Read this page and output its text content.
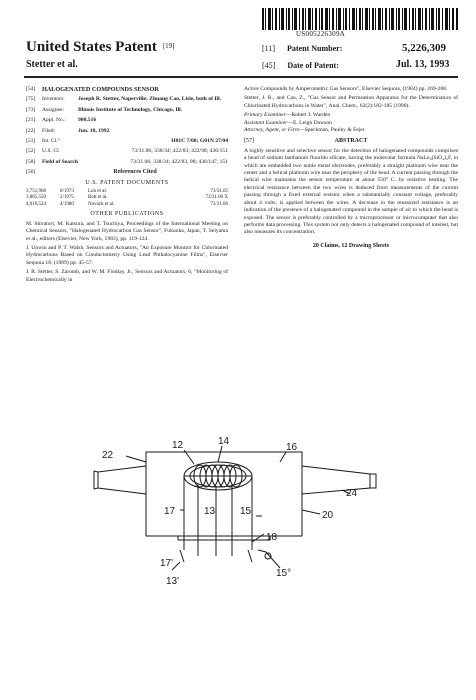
US005226309A
United States Patent [19]
Stetter et al.
[11] Patent Number:	5,226,309
[45] Date of Patent:	Jul. 13, 1993
[54]	HALOGENATED COMPOUNDS SENSOR
[75]	Inventors:	Joseph R. Stetter, Naperville; Zhuang Cao, Lisle, both of Ill.
[73]	Assignee:	Illinois Institute of Technology, Chicago, Ill.
[21]	Appl. No.:	900,516
[22]	Filed:	Jun. 18, 1992
[51]	Int. Cl.⁵	H01C 7/00; G01N 27/04
[52]	U.S. Cl.	73/31.06; 338/34; 422/83; 422/98; 436/151
[58]	Field of Search	73/31.06; 338/34; 422/83, 98; 436/147, 151
[56]	References Cited
U.S. PATENT DOCUMENTS
3,751,968	8/1973	Loh et al.	73/31.05
3,865,550	2/1975	Bott et al.	73/31.06 X
4,016,524	4/1980	Novack et al.	73/31.06
OTHER PUBLICATIONS

M. Shiratori, M. Katsura, and T. Tsuchiya, Proceedings of the International Meeting on Chemical Sensors, "Halogenated Hydrocarbon Gas Sensor", Fukuoka, Japan, T. Seiyama et al., editors (Elsevier, New York, 1983), pp. 119-124.

J. Unwin and P. T. Walsh, Sensors and Actuators, "An Exposure Monitor for Chlorinated Hydrocarbons Based on Conductometry Using Lead Phthalocyanine Films", Elsevier Sequoia 18. (1989) pp. 45-57.

J. R. Stetter, S. Zaromb, and W. M. Findlay, Jr., Sensors and Actuators, 6, "Monitoring of Electrochemically in

Active Compounds by Amperometric Gas Sensors", Elsevier Sequoia, (1984) pp. 269-288.

Stetter, J. R., and Cao, Z., "Gas Sensor and Permeation Apparatus for the Determination of Chlorinated Hydrocarbons in Water", Anal. Chem., 62(2):182-185 (1990).

Primary Examiner—Robert J. Warden
Assistant Examiner—E. Leigh Dawson
Attorney, Agent, or Firm—Speckman, Pauley & Fejer
[57]	ABSTRACT

A highly sensitive and selective sensor for the detection of halogenated compounds comprises a bead of sodium lanthanum fluorido silicate, having the molecular formula NaLn₄(SiO₄)₃F, in which are embedded two noble metal electrodes, preferably a straight platinum wire near the center and a helical platinum wire near the periphery of the bead. A current passing through the helical wire maintains the sensor temperature at about 550° C. by resistive heating. The electrical resistance between the two wires is deduced from measurements of the current passing through a fixed external resistor when a substantially constant voltage, preferably about 4 volts, is applied between the wires. A decrease in the measured resistance is an indication of the presence of a halogenated compound in the sample of air to which the bead is exposed. The sensor is preferably controlled by a microprocessor or microcomputer that also performs data processing. This system not only detects a halogenated compound of interest, but also measures its concentration.

20 Claims, 12 Drawing Sheets
12	14
16
22
24
17	13 15	20
18
17'
13'
15°
